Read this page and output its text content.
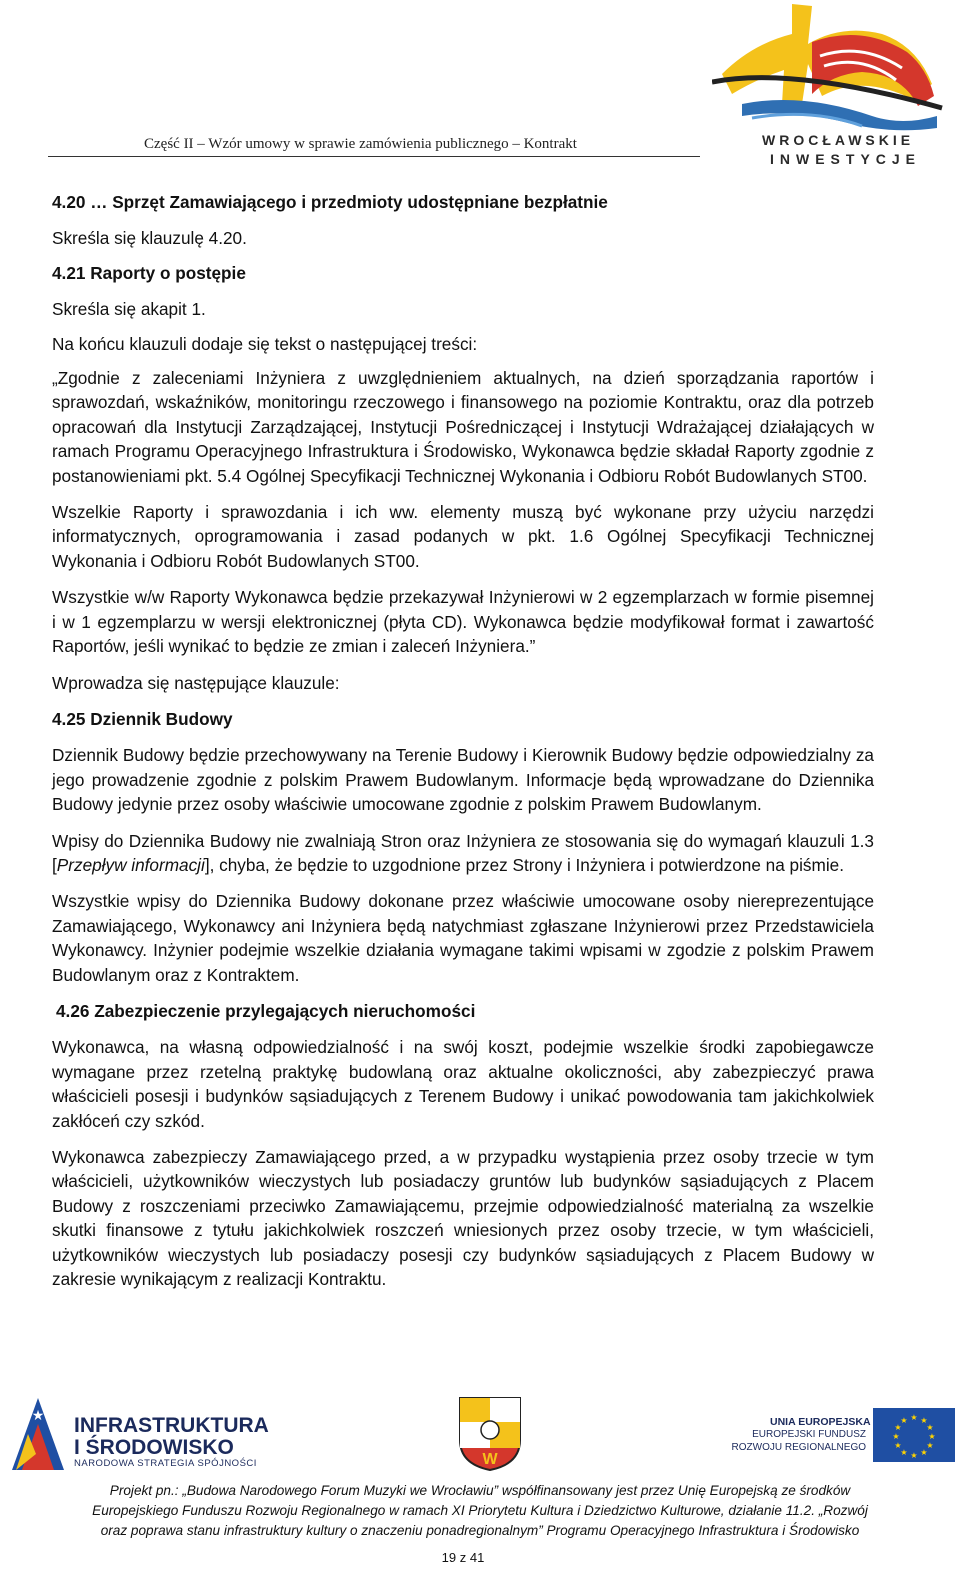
Część II – Wzór umowy w sprawie zamówienia publicznego – Kontrakt	WROCŁAWSKIE
INWESTYCJE
4.20 … Sprzęt Zamawiającego i przedmioty udostępniane bezpłatnie

Skreśla się klauzulę 4.20.

4.21 Raporty o postępie

Skreśla się akapit 1.

Na końcu klauzuli dodaje się tekst o następującej treści:

„Zgodnie z zaleceniami Inżyniera z uwzględnieniem aktualnych, na dzień sporządzania raportów i sprawozdań, wskaźników, monitoringu rzeczowego i finansowego na poziomie Kontraktu, oraz dla potrzeb opracowań dla Instytucji Zarządzającej, Instytucji Pośredniczącej i Instytucji Wdrażającej działających w ramach Programu Operacyjnego Infrastruktura i Środowisko, Wykonawca będzie składał Raporty zgodnie z postanowieniami pkt. 5.4 Ogólnej Specyfikacji Technicznej Wykonania i Odbioru Robót Budowlanych ST00.

Wszelkie Raporty i sprawozdania i ich ww. elementy muszą być wykonane przy użyciu narzędzi informatycznych, oprogramowania i zasad podanych w pkt. 1.6 Ogólnej Specyfikacji Technicznej Wykonania i Odbioru Robót Budowlanych ST00.

Wszystkie w/w Raporty Wykonawca będzie przekazywał Inżynierowi w 2 egzemplarzach w formie pisemnej i w 1 egzemplarzu w wersji elektronicznej (płyta CD). Wykonawca będzie modyfikował format i zawartość Raportów, jeśli wynikać to będzie ze zmian i zaleceń Inżyniera.”

Wprowadza się następujące klauzule:

4.25 Dziennik Budowy

Dziennik Budowy będzie przechowywany na Terenie Budowy i Kierownik Budowy będzie odpowiedzialny za jego prowadzenie zgodnie z polskim Prawem Budowlanym. Informacje będą wprowadzane do Dziennika Budowy jedynie przez osoby właściwie umocowane zgodnie z polskim Prawem Budowlanym.

Wpisy do Dziennika Budowy nie zwalniają Stron oraz Inżyniera ze stosowania się do wymagań klauzuli 1.3 [Przepływ informacji], chyba, że będzie to uzgodnione przez Strony i Inżyniera i potwierdzone na piśmie.

Wszystkie wpisy do Dziennika Budowy dokonane przez właściwie umocowane osoby niereprezentujące Zamawiającego, Wykonawcy ani Inżyniera będą natychmiast zgłaszane Inżynierowi przez Przedstawiciela Wykonawcy. Inżynier podejmie wszelkie działania wymagane takimi wpisami w zgodzie z polskim Prawem Budowlanym oraz z Kontraktem.

4.26 Zabezpieczenie przylegających nieruchomości

Wykonawca, na własną odpowiedzialność i na swój koszt, podejmie wszelkie środki zapobiegawcze wymagane przez rzetelną praktykę budowlaną oraz aktualne okoliczności, aby zabezpieczyć prawa właścicieli posesji i budynków sąsiadujących z Terenem Budowy i unikać powodowania tam jakichkolwiek zakłóceń czy szkód.

Wykonawca zabezpieczy Zamawiającego przed, a w przypadku wystąpienia przez osoby trzecie w tym właścicieli, użytkowników wieczystych lub posiadaczy gruntów lub budynków sąsiadujących z Placem Budowy z roszczeniami przeciwko Zamawiającemu, przejmie odpowiedzialność materialną za wszelkie skutki finansowe z tytułu jakichkolwiek roszczeń wniesionych przez osoby trzecie, w tym właścicieli, użytkowników wieczystych lub posiadaczy posesji czy budynków sąsiadujących z Placem Budowy w zakresie wynikającym z realizacji Kontraktu.

★ INFRASTRUKTURA
I ŚRODOWISKO
NARODOWA STRATEGIA SPÓJNOŚCI	W
UNIA EUROPEJSKA
EUROPEJSKI FUNDUSZ
ROZWOJU REGIONALNEGO
★ ★
★
★
★
★
★
★
★
★
★
★
Projekt pn.: „Budowa Narodowego Forum Muzyki we Wrocławiu” współfinansowany jest przez Unię Europejską ze środków
Europejskiego Funduszu Rozwoju Regionalnego w ramach XI Priorytetu Kultura i Dziedzictwo Kulturowe, działanie 11.2. „Rozwój
oraz poprawa stanu infrastruktury kultury o znaczeniu ponadregionalnym” Programu Operacyjnego Infrastruktura i Środowisko
19 z 41
